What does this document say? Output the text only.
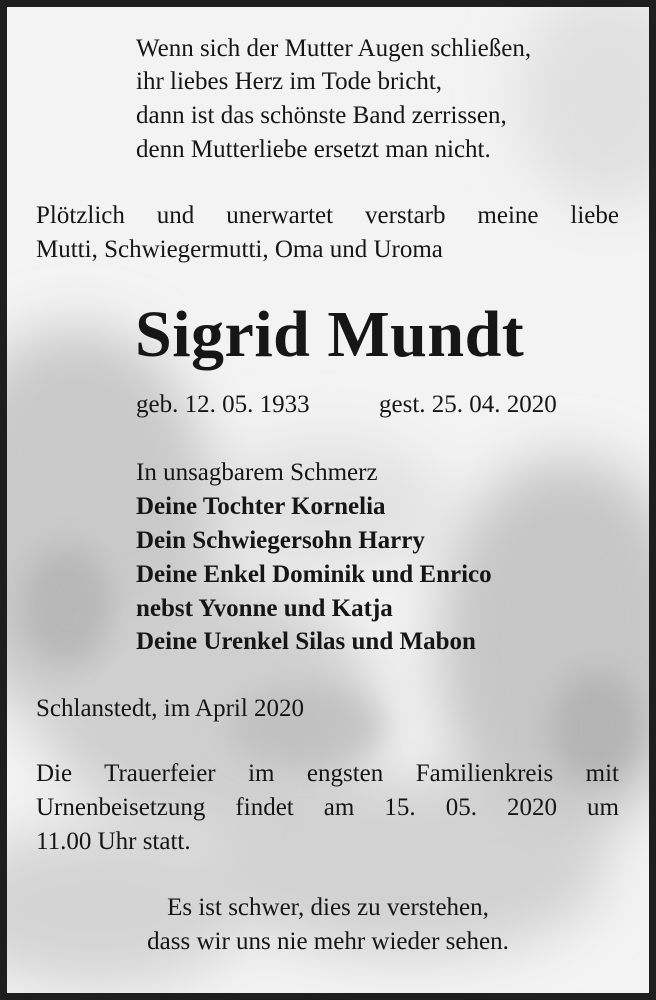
Wenn sich der Mutter Augen schließen,
ihr liebes Herz im Tode bricht,
dann ist das schönste Band zerrissen,
denn Mutterliebe ersetzt man nicht.
Plötzlich und unerwartet verstarb meine liebe
Mutti, Schwiegermutti, Oma und Uroma
Sigrid Mundt
geb. 12. 05. 1933	gest. 25. 04. 2020
In unsagbarem Schmerz
Deine Tochter Kornelia
Dein Schwiegersohn Harry
Deine Enkel Dominik und Enrico
nebst Yvonne und Katja
Deine Urenkel Silas und Mabon
Schlanstedt, im April 2020
Die Trauerfeier im engsten Familienkreis mit
Urnenbeisetzung findet am 15. 05. 2020 um
11.00 Uhr statt.
Es ist schwer, dies zu verstehen,
dass wir uns nie mehr wieder sehen.
